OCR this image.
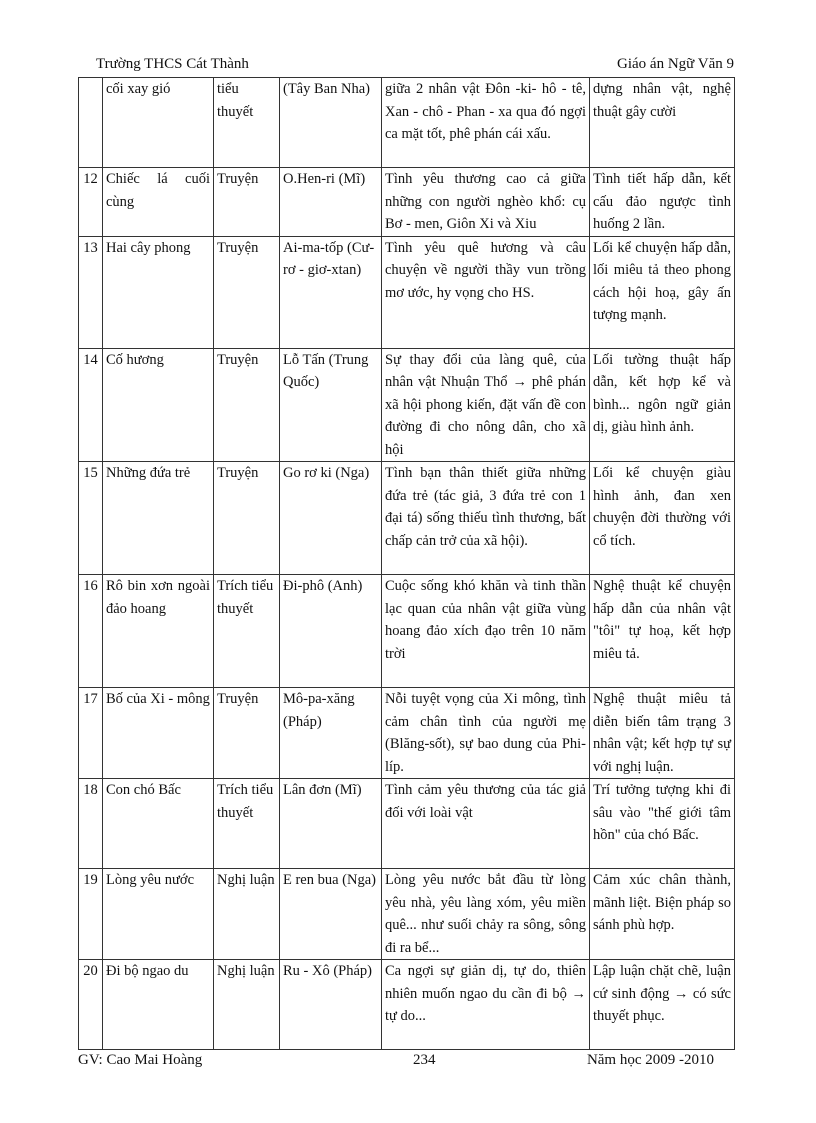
Trường THCS Cát Thành	Giáo án Ngữ Văn 9
	cối xay gió	tiểu thuyết	(Tây Ban Nha)	giữa 2 nhân vật Đôn -ki- hô - tê, Xan - chô - Phan - xa qua đó ngợi ca mặt tốt, phê phán cái xấu.	dựng nhân vật, nghệ thuật gây cười
12	Chiếc lá cuối cùng	Truyện	O.Hen-ri (Mĩ)	Tình yêu thương cao cả giữa những con người nghèo khổ: cụ Bơ - men, Giôn Xi và Xiu	Tình tiết hấp dẫn, kết cấu đảo ngược tình huống 2 lần.
13	Hai cây phong	Truyện	Ai-ma-tốp (Cư- rơ - giơ-xtan)	Tình yêu quê hương và câu chuyện về người thầy vun trồng mơ ước, hy vọng cho HS.	Lối kể chuyện hấp dẫn, lối miêu tả theo phong cách hội hoạ, gây ấn tượng mạnh.
14	Cố hương	Truyện	Lỗ Tấn (Trung Quốc)	Sự thay đổi của làng quê, của nhân vật Nhuận Thổ → phê phán xã hội phong kiến, đặt vấn đề con đường đi cho nông dân, cho xã hội	Lối tường thuật hấp dẫn, kết hợp kể và bình... ngôn ngữ giản dị, giàu hình ảnh.
15	Những đứa trẻ	Truyện	Go rơ ki (Nga)	Tình bạn thân thiết giữa những đứa trẻ (tác giả, 3 đứa trẻ con 1 đại tá) sống thiếu tình thương, bất chấp cản trở của xã hội).	Lối kể chuyện giàu hình ảnh, đan xen chuyện đời thường với cổ tích.
16	Rô bin xơn ngoài đảo hoang	Trích tiểu thuyết	Đi-phô (Anh)	Cuộc sống khó khăn và tinh thần lạc quan của nhân vật giữa vùng hoang đảo xích đạo trên 10 năm trời	Nghệ thuật kể chuyện hấp dẫn của nhân vật "tôi" tự hoạ, kết hợp miêu tả.
17	Bố của Xi - mông	Truyện	Mô-pa-xăng (Pháp)	Nỗi tuyệt vọng của Xi mông, tình cảm chân tình của người mẹ (Blăng-sốt), sự bao dung của Phi-líp.	Nghệ thuật miêu tả diễn biến tâm trạng 3 nhân vật; kết hợp tự sự với nghị luận.
18	Con chó Bấc	Trích tiểu thuyết	Lân đơn (Mĩ)	Tình cảm yêu thương của tác giả đối với loài vật	Trí tưởng tượng khi đi sâu vào "thế giới tâm hồn" của chó Bấc.
19	Lòng yêu nước	Nghị luận	E ren bua (Nga)	Lòng yêu nước bắt đầu từ lòng yêu nhà, yêu làng xóm, yêu miền quê... như suối chảy ra sông, sông đi ra bể...	Cảm xúc chân thành, mãnh liệt. Biện pháp so sánh phù hợp.
20	Đi bộ ngao du	Nghị luận	Ru - Xô (Pháp)	Ca ngợi sự giản dị, tự do, thiên nhiên muốn ngao du cần đi bộ → tự do...	Lập luận chặt chẽ, luận cứ sinh động → có sức thuyết phục.
GV: Cao Mai Hoàng	234	Năm học 2009 -2010
